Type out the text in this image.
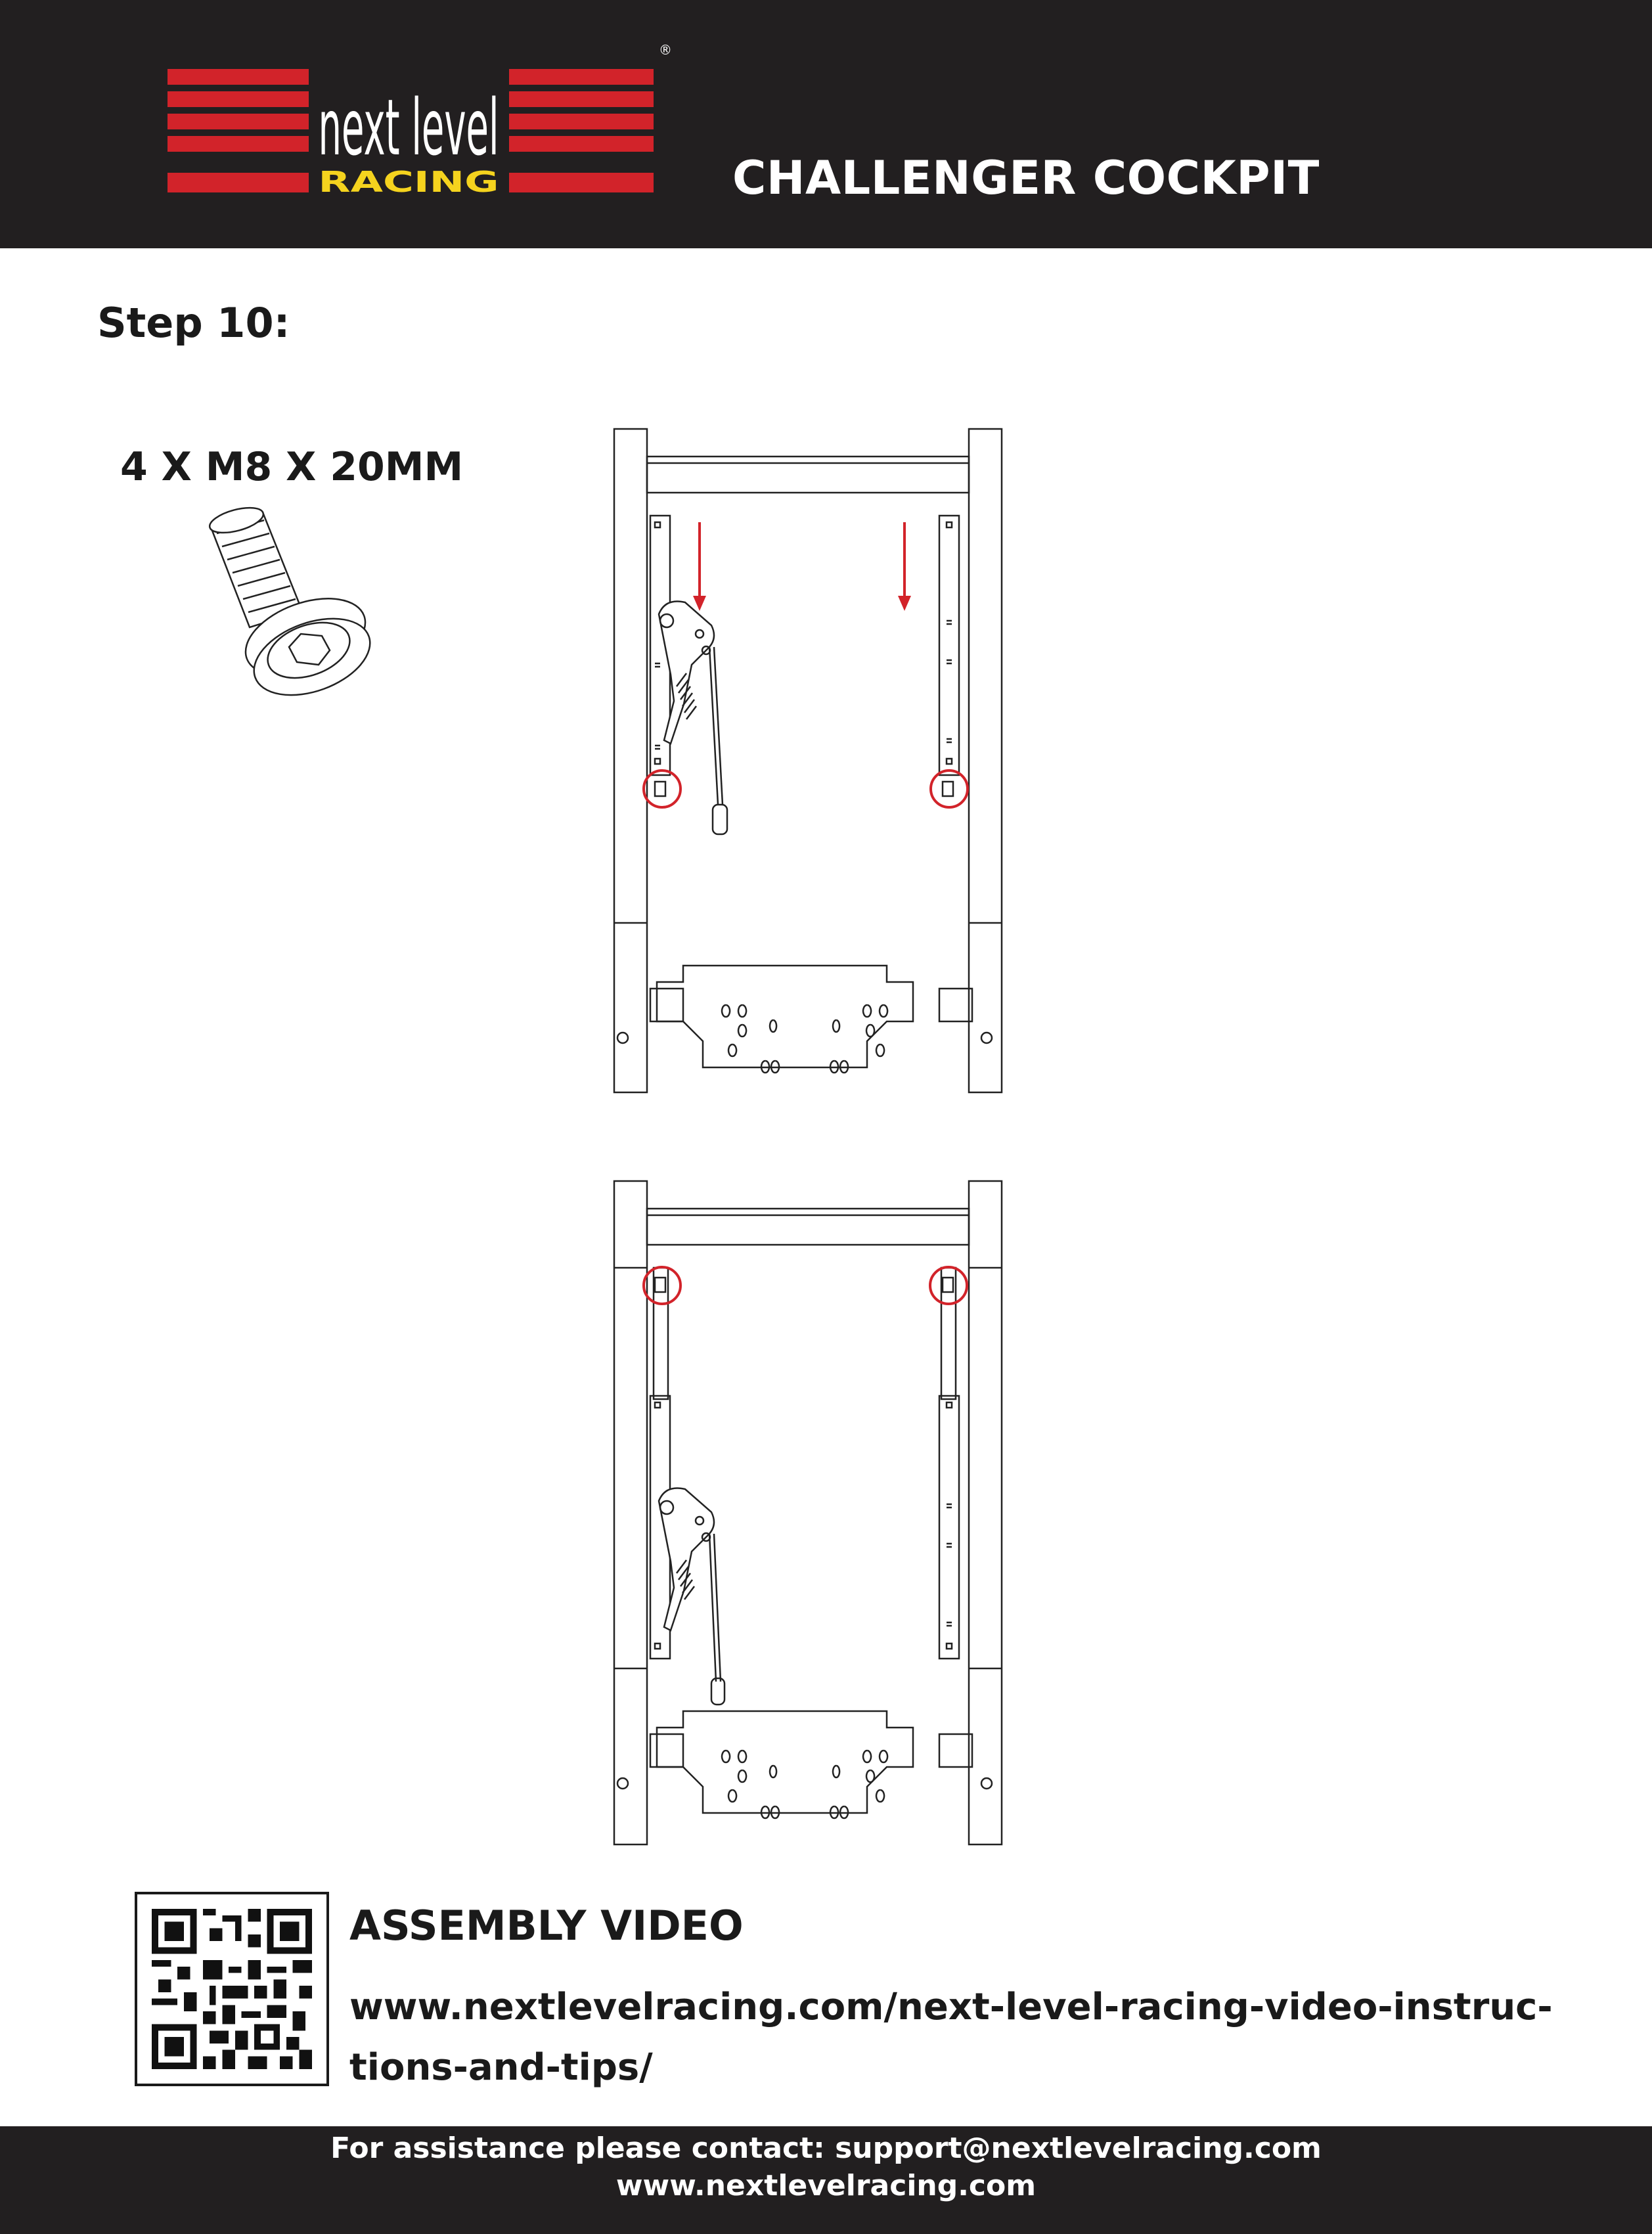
next level
RACING
®
CHALLENGER COCKPIT
Step 10:
4 X M8 X 20MM
ASSEMBLY VIDEO
www.nextlevelracing.com/next-level-racing-video-instruc-tions-and-tips/
For assistance please contact: support@nextlevelracing.com
www.nextlevelracing.com
